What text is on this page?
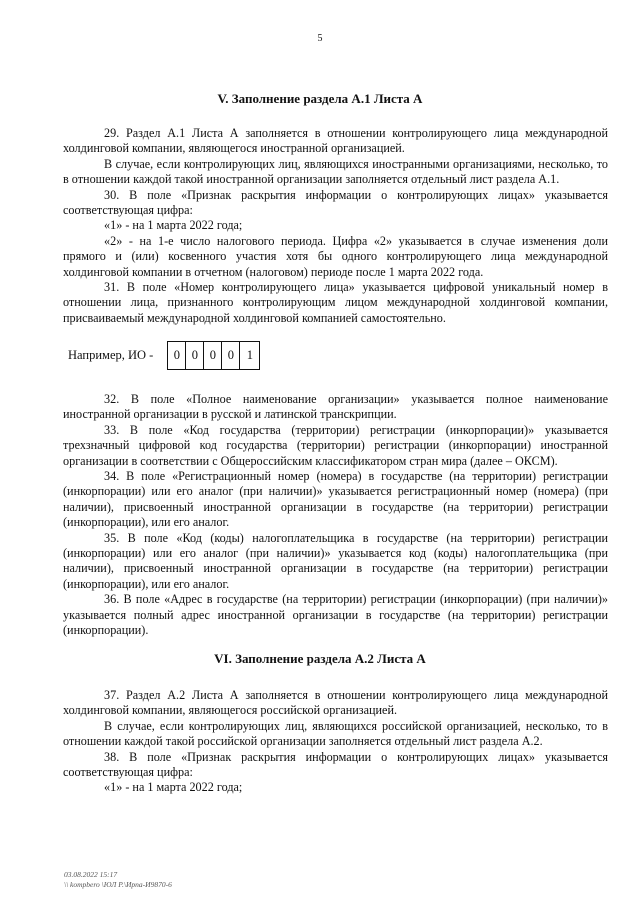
5
V. Заполнение раздела А.1 Листа А

29. Раздел А.1 Листа А заполняется в отношении контролирующего лица международной холдинговой компании, являющегося иностранной организацией.

В случае, если контролирующих лиц, являющихся иностранными организациями, несколько, то в отношении каждой такой иностранной организации заполняется отдельный лист раздела А.1.

30. В поле «Признак раскрытия информации о контролирующих лицах» указывается соответствующая цифра:

«1» - на 1 марта 2022 года;

«2» - на 1-е число налогового периода. Цифра «2» указывается в случае изменения доли прямого и (или) косвенного участия хотя бы одного контролирующего лица международной холдинговой компании в отчетном (налоговом) периоде после 1 марта 2022 года.

31. В поле «Номер контролирующего лица» указывается цифровой уникальный номер в отношении лица, признанного контролирующим лицом международной холдинговой компании, присваиваемый международной холдинговой компанией самостоятельно.

Например, ИО -	0 0 0 0	1

32. В поле «Полное наименование организации» указывается полное наименование иностранной организации в русской и латинской транскрипции.

33. В поле «Код государства (территории) регистрации (инкорпорации)» указывается трехзначный цифровой код государства (территории) регистрации (инкорпорации) иностранной организации в соответствии с Общероссийским классификатором стран мира (далее – ОКСМ).

34. В поле «Регистрационный номер (номера) в государстве (на территории) регистрации (инкорпорации) или его аналог (при наличии)» указывается регистрационный номер (номера) (при наличии), присвоенный иностранной организации в государстве (на территории) регистрации (инкорпорации), или его аналог.

35. В поле «Код (коды) налогоплательщика в государстве (на территории) регистрации (инкорпорации) или его аналог (при наличии)» указывается код (коды) налогоплательщика (при наличии), присвоенный иностранной организации в государстве (на территории) регистрации (инкорпорации), или его аналог.

36. В поле «Адрес в государстве (на территории) регистрации (инкорпорации) (при наличии)» указывается полный адрес иностранной организации в государстве (на территории) регистрации (инкорпорации).

VI. Заполнение раздела А.2 Листа А

37. Раздел А.2 Листа А заполняется в отношении контролирующего лица международной холдинговой компании, являющегося российской организацией.

В случае, если контролирующих лиц, являющихся российской организацией, несколько, то в отношении каждой такой российской организации заполняется отдельный лист раздела А.2.

38. В поле «Признак раскрытия информации о контролирующих лицах» указывается соответствующая цифра:

«1» - на 1 марта 2022 года;

03.08.2022 15:17
\\ kompbero \ЮЛ Р.\Ирпа-И9870-6
